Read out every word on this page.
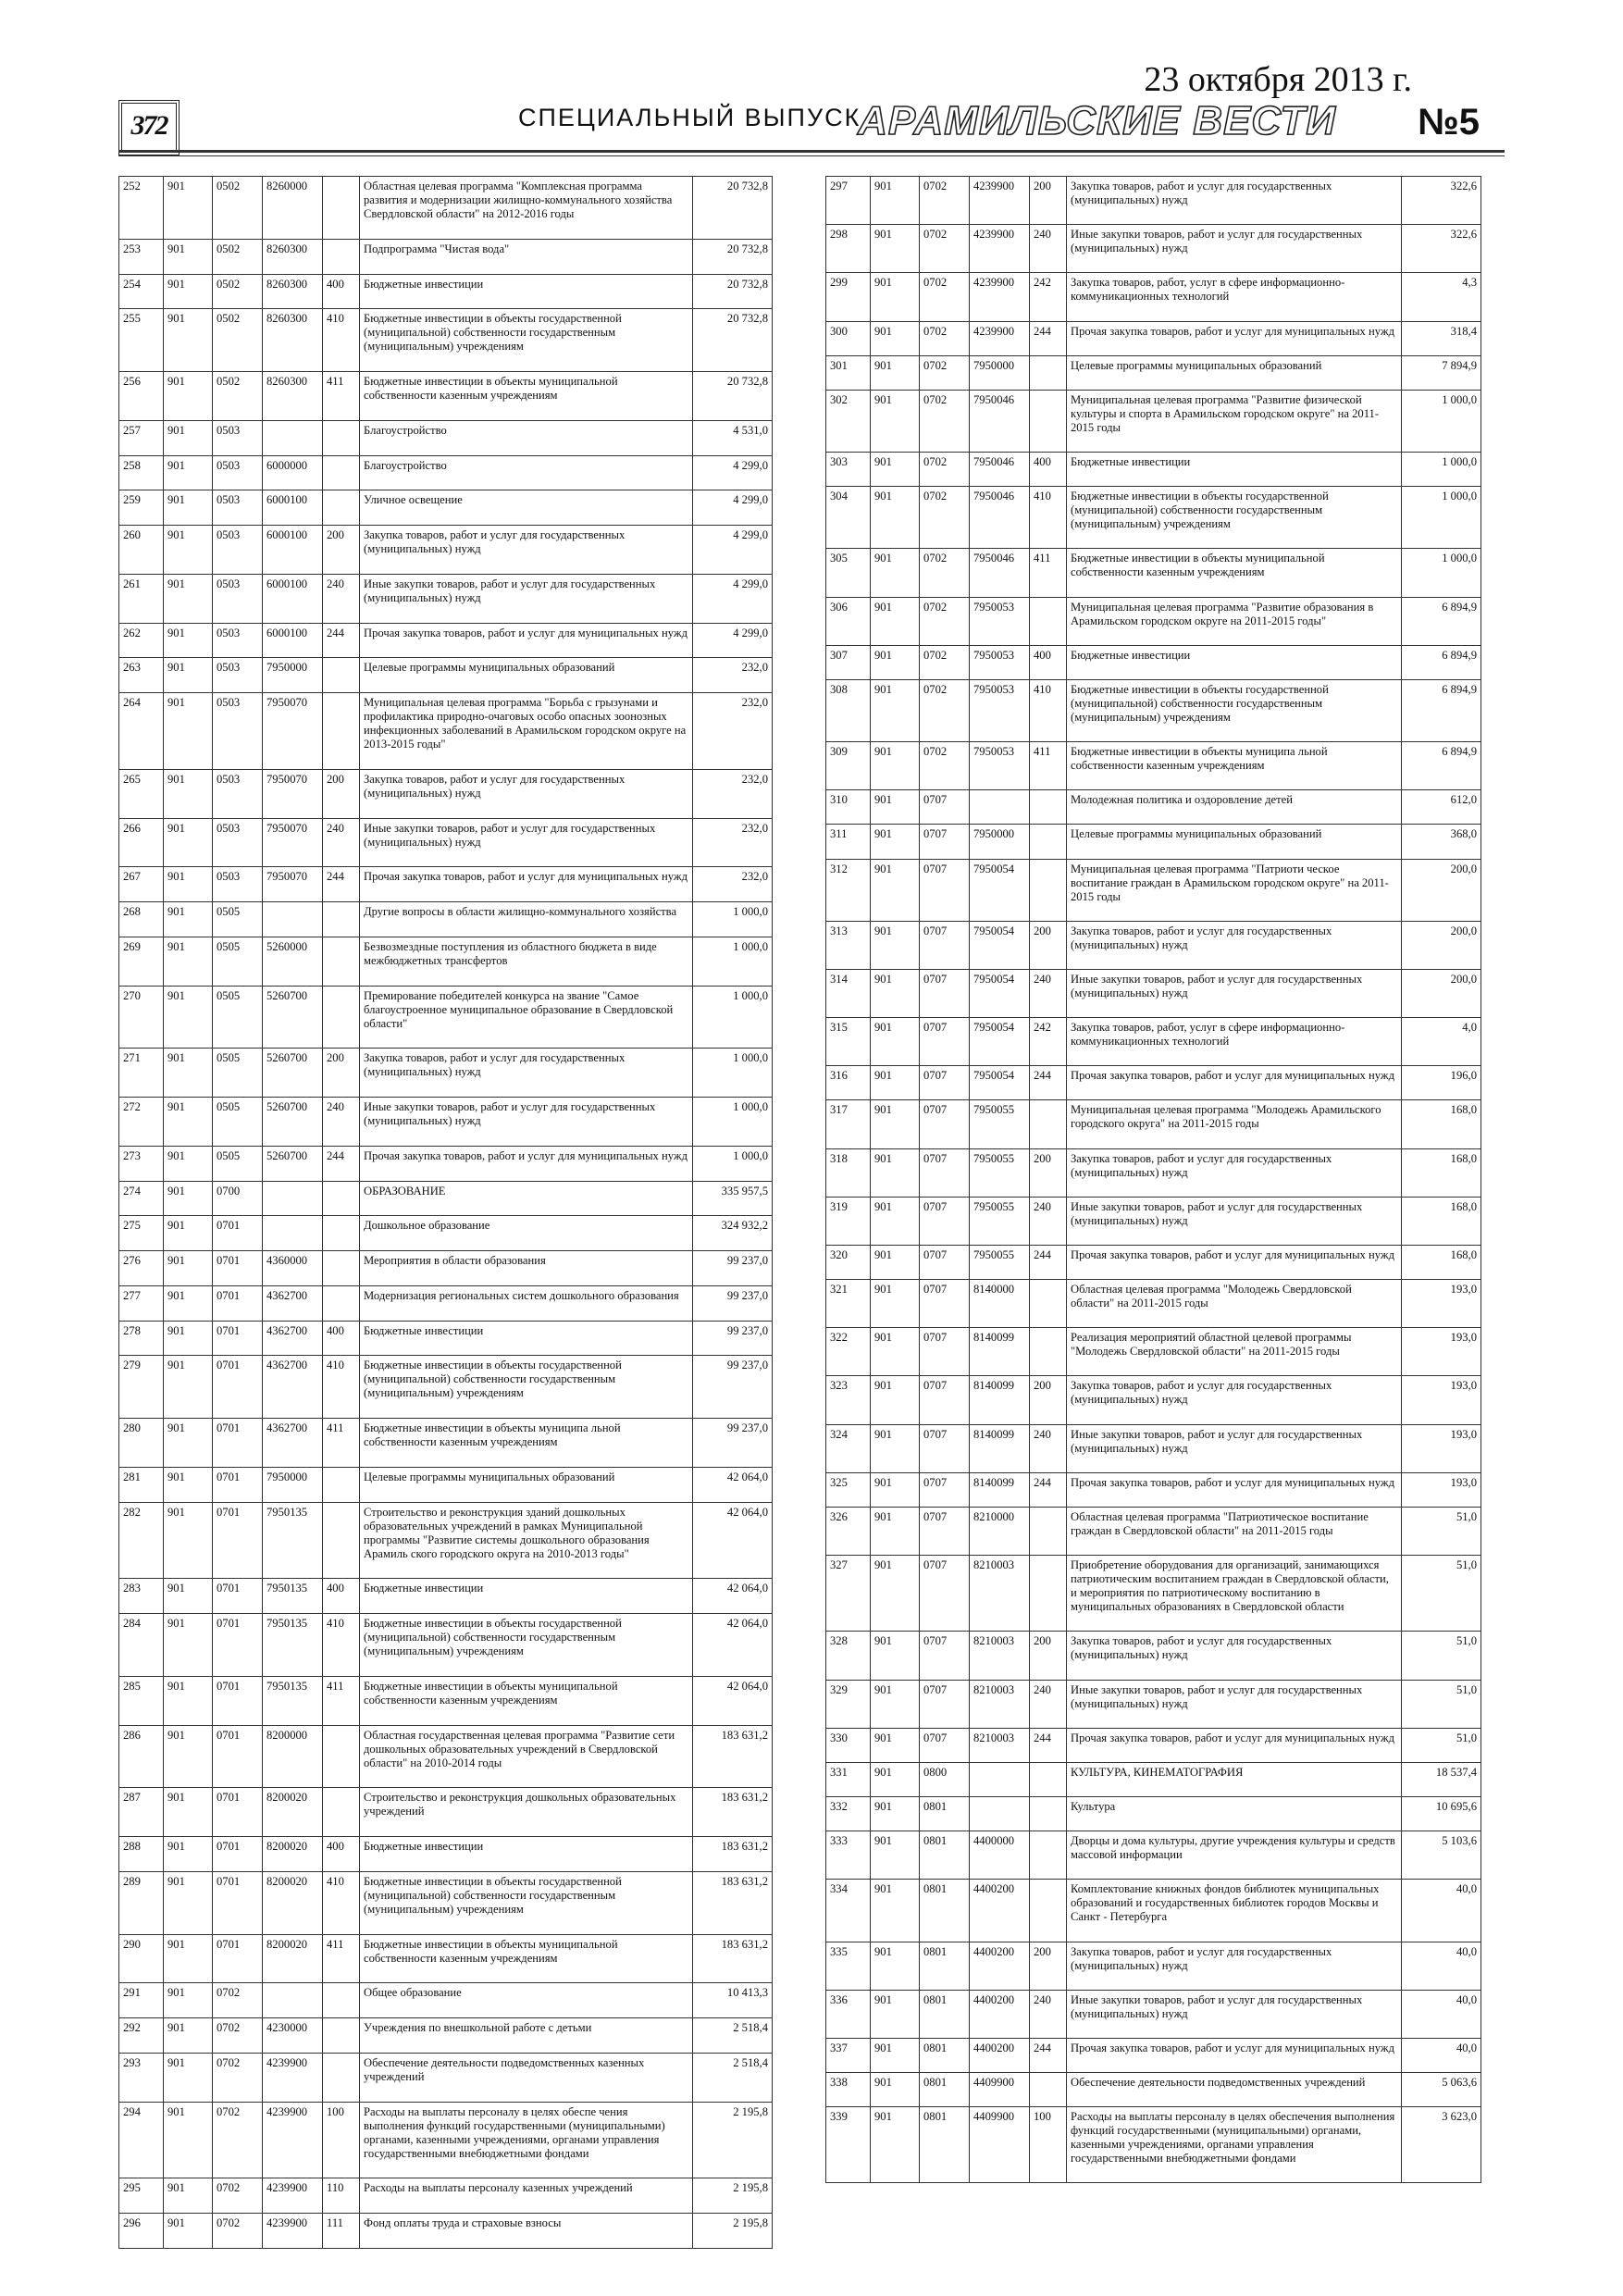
372	СПЕЦИАЛЬНЫЙ ВЫПУСК
23 октября 2013 г.
АРАМИЛЬСКИЕ ВЕСТИ №5
252	901	0502	8260000		Областная целевая программа "Комплексная программа развития и модернизации жилищно-коммунального хозяйства Свердловской области" на 2012-2016 годы	20 732,8
253	901	0502	8260300		Подпрограмма "Чистая вода"	20 732,8
254	901	0502	8260300	400	Бюджетные инвестиции	20 732,8
255	901	0502	8260300	410	Бюджетные инвестиции в объекты государственной (муниципальной) собственности государственным (муниципальным) учреждениям	20 732,8
256	901	0502	8260300	411	Бюджетные инвестиции в объекты муниципальной собственности казенным учреждениям	20 732,8
257	901	0503			Благоустройство	4 531,0
258	901	0503	6000000		Благоустройство	4 299,0
259	901	0503	6000100		Уличное освещение	4 299,0
260	901	0503	6000100	200	Закупка товаров, работ и услуг для государственных (муниципальных) нужд	4 299,0
261	901	0503	6000100	240	Иные закупки товаров, работ и услуг для государственных (муниципальных) нужд	4 299,0
262	901	0503	6000100	244	Прочая закупка товаров, работ и услуг для муниципальных нужд	4 299,0
263	901	0503	7950000		Целевые программы муниципальных образований	232,0
264	901	0503	7950070		Муниципальная целевая программа "Борьба с грызунами и профилактика природно-очаговых особо опасных зоонозных инфекционных заболеваний в Арамильском городском округе на 2013-2015 годы"	232,0
265	901	0503	7950070	200	Закупка товаров, работ и услуг для государственных (муниципальных) нужд	232,0
266	901	0503	7950070	240	Иные закупки товаров, работ и услуг для государственных (муниципальных) нужд	232,0
267	901	0503	7950070	244	Прочая закупка товаров, работ и услуг для муниципальных нужд	232,0
268	901	0505			Другие вопросы в области жилищно-коммунального хозяйства	1 000,0
269	901	0505	5260000		Безвозмездные поступления из областного бюджета в виде межбюджетных трансфертов	1 000,0
270	901	0505	5260700		Премирование победителей конкурса на звание "Самое благоустроенное муниципальное образование в Свердловской области"	1 000,0
271	901	0505	5260700	200	Закупка товаров, работ и услуг для государственных (муниципальных) нужд	1 000,0
272	901	0505	5260700	240	Иные закупки товаров, работ и услуг для государственных (муниципальных) нужд	1 000,0
273	901	0505	5260700	244	Прочая закупка товаров, работ и услуг для муниципальных нужд	1 000,0
274	901	0700			ОБРАЗОВАНИЕ	335 957,5
275	901	0701			Дошкольное образование	324 932,2
276	901	0701	4360000		Мероприятия в области образования	99 237,0
277	901	0701	4362700		Модернизация региональных систем дошкольного образования	99 237,0
278	901	0701	4362700	400	Бюджетные инвестиции	99 237,0
279	901	0701	4362700	410	Бюджетные инвестиции в объекты государственной (муниципальной) собственности государственным (муниципальным) учреждениям	99 237,0
280	901	0701	4362700	411	Бюджетные инвестиции в объекты муниципа льной собственности казенным учреждениям	99 237,0
281	901	0701	7950000		Целевые программы муниципальных образований	42 064,0
282	901	0701	7950135		Строительство и реконструкция зданий дошкольных образовательных учреждений в рамках Муниципальной программы "Развитие системы дошкольного образования Арамиль ского городского округа на 2010-2013 годы"	42 064,0
283	901	0701	7950135	400	Бюджетные инвестиции	42 064,0
284	901	0701	7950135	410	Бюджетные инвестиции в объекты государственной (муниципальной) собственности государственным (муниципальным) учреждениям	42 064,0
285	901	0701	7950135	411	Бюджетные инвестиции в объекты муниципальной собственности казенным учреждениям	42 064,0
286	901	0701	8200000		Областная государственная целевая программа "Развитие сети дошкольных образовательных учреждений в Свердловской области" на 2010-2014 годы	183 631,2
287	901	0701	8200020		Строительство и реконструкция дошкольных образовательных учреждений	183 631,2
288	901	0701	8200020	400	Бюджетные инвестиции	183 631,2
289	901	0701	8200020	410	Бюджетные инвестиции в объекты государственной (муниципальной) собственности государственным (муниципальным) учреждениям	183 631,2
290	901	0701	8200020	411	Бюджетные инвестиции в объекты муниципальной собственности казенным учреждениям	183 631,2
291	901	0702			Общее образование	10 413,3
292	901	0702	4230000		Учреждения по внешкольной работе с детьми	2 518,4
293	901	0702	4239900		Обеспечение деятельности подведомственных казенных учреждений	2 518,4
294	901	0702	4239900	100	Расходы на выплаты персоналу в целях обеспе чения выполнения функций государственными (муниципальными) органами, казенными учреждениями, органами управления государственными внебюджетными фондами	2 195,8
295	901	0702	4239900	110	Расходы на выплаты персоналу казенных учреждений	2 195,8
296	901	0702	4239900	111	Фонд оплаты труда и страховые взносы	2 195,8
297	901	0702	4239900	200	Закупка товаров, работ и услуг для государственных (муниципальных) нужд	322,6
298	901	0702	4239900	240	Иные закупки товаров, работ и услуг для государственных (муниципальных) нужд	322,6
299	901	0702	4239900	242	Закупка товаров, работ, услуг в сфере информационно-коммуникационных технологий	4,3
300	901	0702	4239900	244	Прочая закупка товаров, работ и услуг для муниципальных нужд	318,4
301	901	0702	7950000		Целевые программы муниципальных образований	7 894,9
302	901	0702	7950046		Муниципальная целевая программа "Развитие физической культуры и спорта в Арамильском городском округе" на 2011-2015 годы	1 000,0
303	901	0702	7950046	400	Бюджетные инвестиции	1 000,0
304	901	0702	7950046	410	Бюджетные инвестиции в объекты государственной (муниципальной) собственности государственным (муниципальным) учреждениям	1 000,0
305	901	0702	7950046	411	Бюджетные инвестиции в объекты муниципальной собственности казенным учреждениям	1 000,0
306	901	0702	7950053		Муниципальная целевая программа "Развитие образования в Арамильском городском округе на 2011-2015 годы"	6 894,9
307	901	0702	7950053	400	Бюджетные инвестиции	6 894,9
308	901	0702	7950053	410	Бюджетные инвестиции в объекты государственной (муниципальной) собственности государственным (муниципальным) учреждениям	6 894,9
309	901	0702	7950053	411	Бюджетные инвестиции в объекты муниципа льной собственности казенным учреждениям	6 894,9
310	901	0707			Молодежная политика и оздоровление детей	612,0
311	901	0707	7950000		Целевые программы муниципальных образований	368,0
312	901	0707	7950054		Муниципальная целевая программа "Патриоти ческое воспитание граждан в Арамильском городском округе" на 2011-2015 годы	200,0
313	901	0707	7950054	200	Закупка товаров, работ и услуг для государственных (муниципальных) нужд	200,0
314	901	0707	7950054	240	Иные закупки товаров, работ и услуг для государственных (муниципальных) нужд	200,0
315	901	0707	7950054	242	Закупка товаров, работ, услуг в сфере информационно-коммуникационных технологий	4,0
316	901	0707	7950054	244	Прочая закупка товаров, работ и услуг для муниципальных нужд	196,0
317	901	0707	7950055		Муниципальная целевая программа "Молодежь Арамильского городского округа" на 2011-2015 годы	168,0
318	901	0707	7950055	200	Закупка товаров, работ и услуг для государственных (муниципальных) нужд	168,0
319	901	0707	7950055	240	Иные закупки товаров, работ и услуг для государственных (муниципальных) нужд	168,0
320	901	0707	7950055	244	Прочая закупка товаров, работ и услуг для муниципальных нужд	168,0
321	901	0707	8140000		Областная целевая программа "Молодежь Свердловской области" на 2011-2015 годы	193,0
322	901	0707	8140099		Реализация мероприятий областной целевой программы "Молодежь Свердловской области" на 2011-2015 годы	193,0
323	901	0707	8140099	200	Закупка товаров, работ и услуг для государственных (муниципальных) нужд	193,0
324	901	0707	8140099	240	Иные закупки товаров, работ и услуг для государственных (муниципальных) нужд	193,0
325	901	0707	8140099	244	Прочая закупка товаров, работ и услуг для муниципальных нужд	193,0
326	901	0707	8210000		Областная целевая программа "Патриотическое воспитание граждан в Свердловской области" на 2011-2015 годы	51,0
327	901	0707	8210003		Приобретение оборудования для организаций, занимающихся патриотическим воспитанием граждан в Свердловской области, и мероприятия по патриотическому воспитанию в муниципальных образованиях в Свердловской области	51,0
328	901	0707	8210003	200	Закупка товаров, работ и услуг для государственных (муниципальных) нужд	51,0
329	901	0707	8210003	240	Иные закупки товаров, работ и услуг для государственных (муниципальных) нужд	51,0
330	901	0707	8210003	244	Прочая закупка товаров, работ и услуг для муниципальных нужд	51,0
331	901	0800			КУЛЬТУРА, КИНЕМАТОГРАФИЯ	18 537,4
332	901	0801			Культура	10 695,6
333	901	0801	4400000		Дворцы и дома культуры, другие учреждения культуры и средств массовой информации	5 103,6
334	901	0801	4400200		Комплектование книжных фондов библиотек муниципальных образований и государственных библиотек городов Москвы и Санкт - Петербурга	40,0
335	901	0801	4400200	200	Закупка товаров, работ и услуг для государственных (муниципальных) нужд	40,0
336	901	0801	4400200	240	Иные закупки товаров, работ и услуг для государственных (муниципальных) нужд	40,0
337	901	0801	4400200	244	Прочая закупка товаров, работ и услуг для муниципальных нужд	40,0
338	901	0801	4409900		Обеспечение деятельности подведомственных учреждений	5 063,6
339	901	0801	4409900	100	Расходы на выплаты персоналу в целях обеспечения выполнения функций государственными (муниципальными) органами, казенными учреждениями, органами управления государственными внебюджетными фондами	3 623,0
